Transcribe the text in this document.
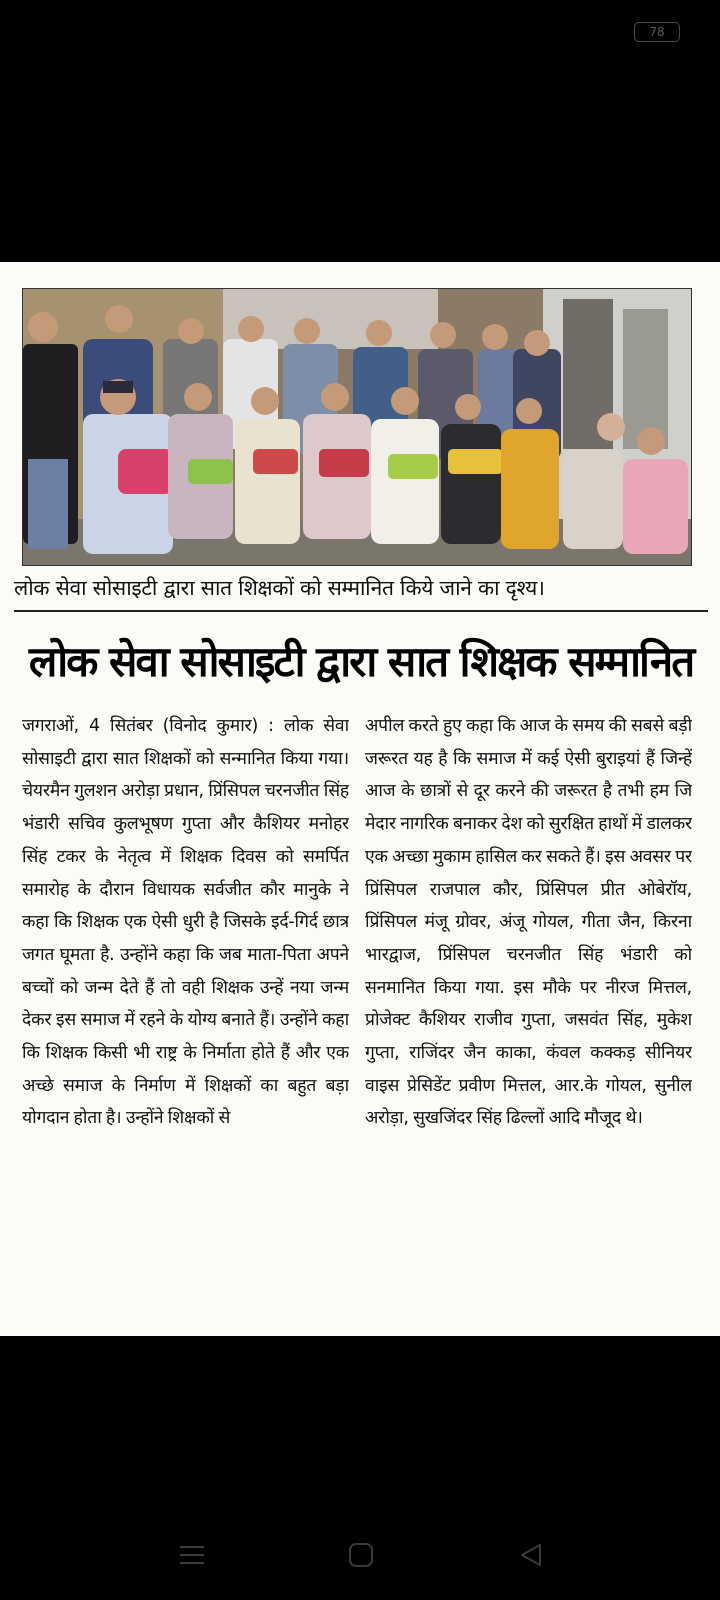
78
लोक सेवा सोसाइटी द्वारा सात शिक्षकों को सम्मानित किये जाने का दृश्य।
लोक सेवा सोसाइटी द्वारा सात शिक्षक सम्मानित
जगराओं, 4 सितंबर (विनोद कुमार) : लोक सेवा सोसाइटी द्वारा सात शिक्षकों को सन्मानित किया गया। चेयरमैन गुलशन अरोड़ा प्रधान, प्रिंसिपल चरनजीत सिंह भंडारी सचिव कुलभूषण गुप्ता और कैशियर मनोहर सिंह टकर के नेतृत्व में शिक्षक दिवस को समर्पित समारोह के दौरान विधायक सर्वजीत कौर मानुके ने कहा कि शिक्षक एक ऐसी धुरी है जिसके इर्द-गिर्द छात्र जगत घूमता है. उन्होंने कहा कि जब माता-पिता अपने बच्चों को जन्म देते हैं तो वही शिक्षक उन्हें नया जन्म देकर इस समाज में रहने के योग्य बनाते हैं। उन्होंने कहा कि शिक्षक किसी भी राष्ट्र के निर्माता होते हैं और एक अच्छे समाज के निर्माण में शिक्षकों का बहुत बड़ा योगदान होता है। उन्होंने शिक्षकों से
अपील करते हुए कहा कि आज के समय की सबसे बड़ी जरूरत यह है कि समाज में कई ऐसी बुराइयां हैं जिन्हें आज के छात्रों से दूर करने की जरूरत है तभी हम जि मेदार नागरिक बनाकर देश को सुरक्षित हाथों में डालकर एक अच्छा मुकाम हासिल कर सकते हैं। इस अवसर पर प्रिंसिपल राजपाल कौर, प्रिंसिपल प्रीत ओबेरॉय, प्रिंसिपल मंजू ग्रोवर, अंजू गोयल, गीता जैन, किरना भारद्वाज, प्रिंसिपल चरनजीत सिंह भंडारी को सनमानित किया गया. इस मौके पर नीरज मित्तल, प्रोजेक्ट कैशियर राजीव गुप्ता, जसवंत सिंह, मुकेश गुप्ता, राजिंदर जैन काका, कंवल कक्कड़ सीनियर वाइस प्रेसिडेंट प्रवीण मित्तल, आर.के गोयल, सुनील अरोड़ा, सुखजिंदर सिंह ढिल्लों आदि मौजूद थे।
